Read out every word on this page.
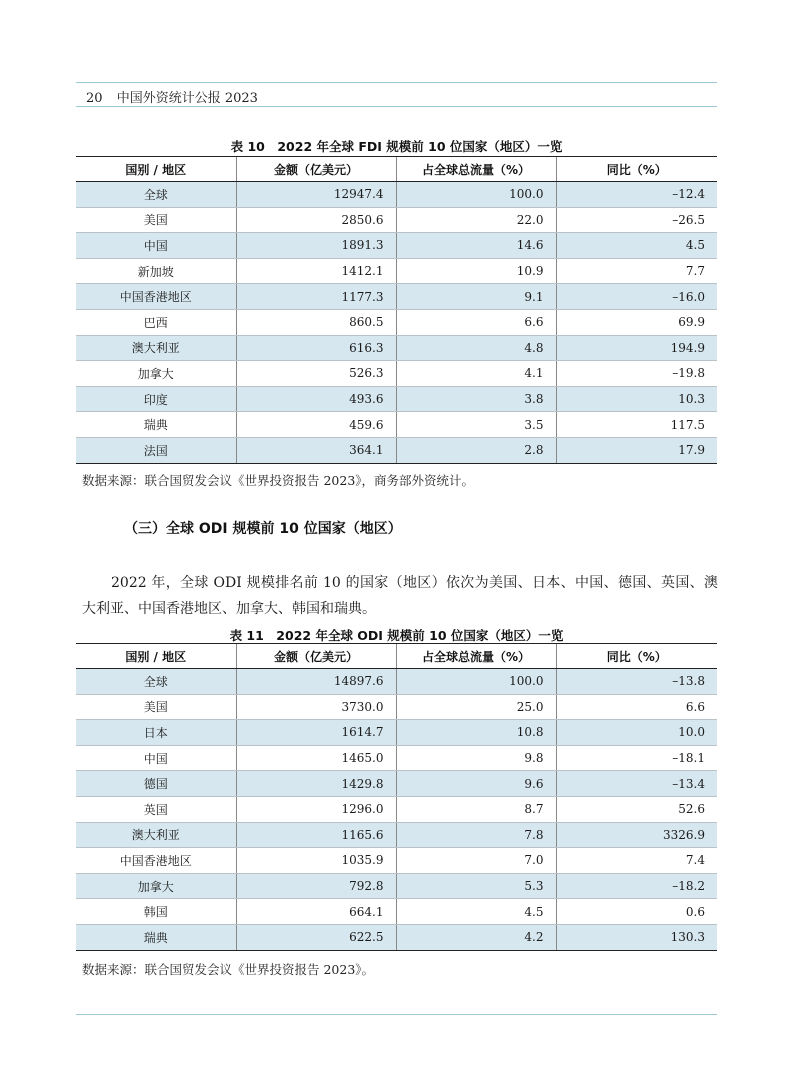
20 中国外资统计公报 2023
表 10　2022 年全球 FDI 规模前 10 位国家（地区）一览
国别 / 地区	金额（亿美元）	占全球总流量（%）	同比（%）
全球	12947.4	100.0	–12.4
美国	2850.6	22.0	–26.5
中国	1891.3	14.6	4.5
新加坡	1412.1	10.9	7.7
中国香港地区	1177.3	9.1	–16.0
巴西	860.5	6.6	69.9
澳大利亚	616.3	4.8	194.9
加拿大	526.3	4.1	–19.8
印度	493.6	3.8	10.3
瑞典	459.6	3.5	117.5
法国	364.1	2.8	17.9
数据来源：联合国贸发会议《世界投资报告 2023》，商务部外资统计。
（三）全球 ODI 规模前 10 位国家（地区）

2022 年，全球 ODI 规模排名前 10 的国家（地区）依次为美国、日本、中国、德国、英国、澳大利亚、中国香港地区、加拿大、韩国和瑞典。

表 11　2022 年全球 ODI 规模前 10 位国家（地区）一览
国别 / 地区	金额（亿美元）	占全球总流量（%）	同比（%）
全球	14897.6	100.0	–13.8
美国	3730.0	25.0	6.6
日本	1614.7	10.8	10.0
中国	1465.0	9.8	–18.1
德国	1429.8	9.6	–13.4
英国	1296.0	8.7	52.6
澳大利亚	1165.6	7.8	3326.9
中国香港地区	1035.9	7.0	7.4
加拿大	792.8	5.3	–18.2
韩国	664.1	4.5	0.6
瑞典	622.5	4.2	130.3
数据来源：联合国贸发会议《世界投资报告 2023》。
